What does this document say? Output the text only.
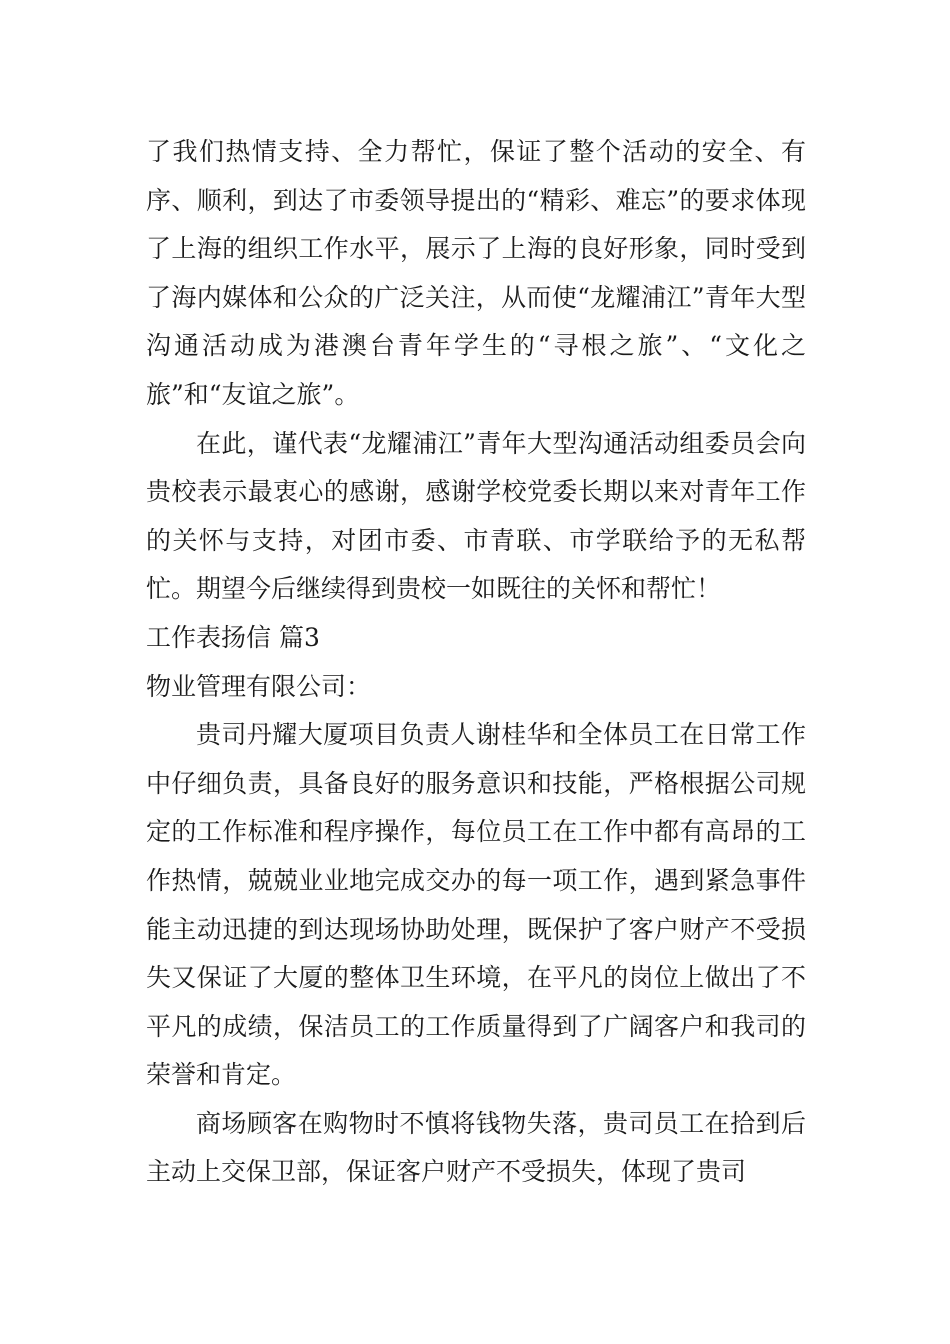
了我们热情支持、全力帮忙，保证了整个活动的安全、有序、顺利，到达了市委领导提出的“精彩、难忘”的要求体现了上海的组织工作水平，展示了上海的良好形象，同时受到了海内媒体和公众的广泛关注，从而使“龙耀浦江”青年大型沟通活动成为港澳台青年学生的“寻根之旅”、“文化之旅”和“友谊之旅”。

在此，谨代表“龙耀浦江”青年大型沟通活动组委员会向贵校表示最衷心的感谢，感谢学校党委长期以来对青年工作的关怀与支持，对团市委、市青联、市学联给予的无私帮忙。期望今后继续得到贵校一如既往的关怀和帮忙！

工作表扬信 篇3

物业管理有限公司：

贵司丹耀大厦项目负责人谢桂华和全体员工在日常工作中仔细负责，具备良好的服务意识和技能，严格根据公司规定的工作标准和程序操作，每位员工在工作中都有高昂的工作热情，兢兢业业地完成交办的每一项工作，遇到紧急事件能主动迅捷的到达现场协助处理，既保护了客户财产不受损失又保证了大厦的整体卫生环境，在平凡的岗位上做出了不平凡的成绩，保洁员工的工作质量得到了广阔客户和我司的荣誉和肯定。

商场顾客在购物时不慎将钱物失落，贵司员工在拾到后主动上交保卫部，保证客户财产不受损失，体现了贵司
